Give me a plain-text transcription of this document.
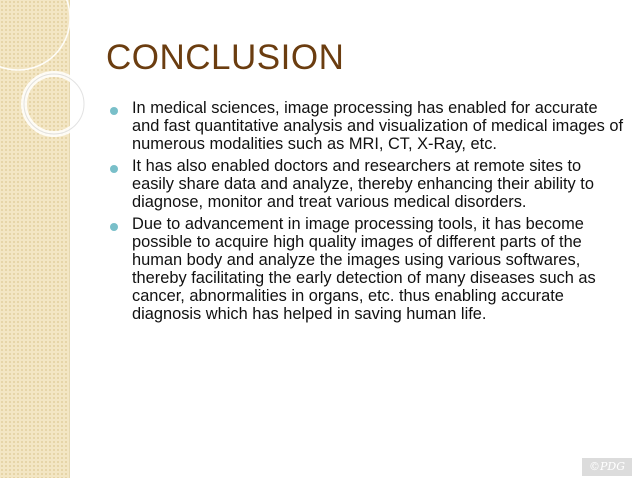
CONCLUSION
In medical sciences, image processing has enabled for accurate and fast quantitative analysis and visualization of medical images of numerous modalities such as MRI, CT, X-Ray, etc.
It has also enabled doctors and researchers at remote sites to easily share data and analyze, thereby enhancing their ability to diagnose, monitor and treat various medical disorders.
Due to advancement in image processing tools, it has become possible to acquire high quality images of different parts of the human body and analyze the images using various softwares, thereby facilitating the early detection of many diseases such as cancer, abnormalities in organs, etc. thus enabling accurate diagnosis which has helped in saving human life.
©PDG
